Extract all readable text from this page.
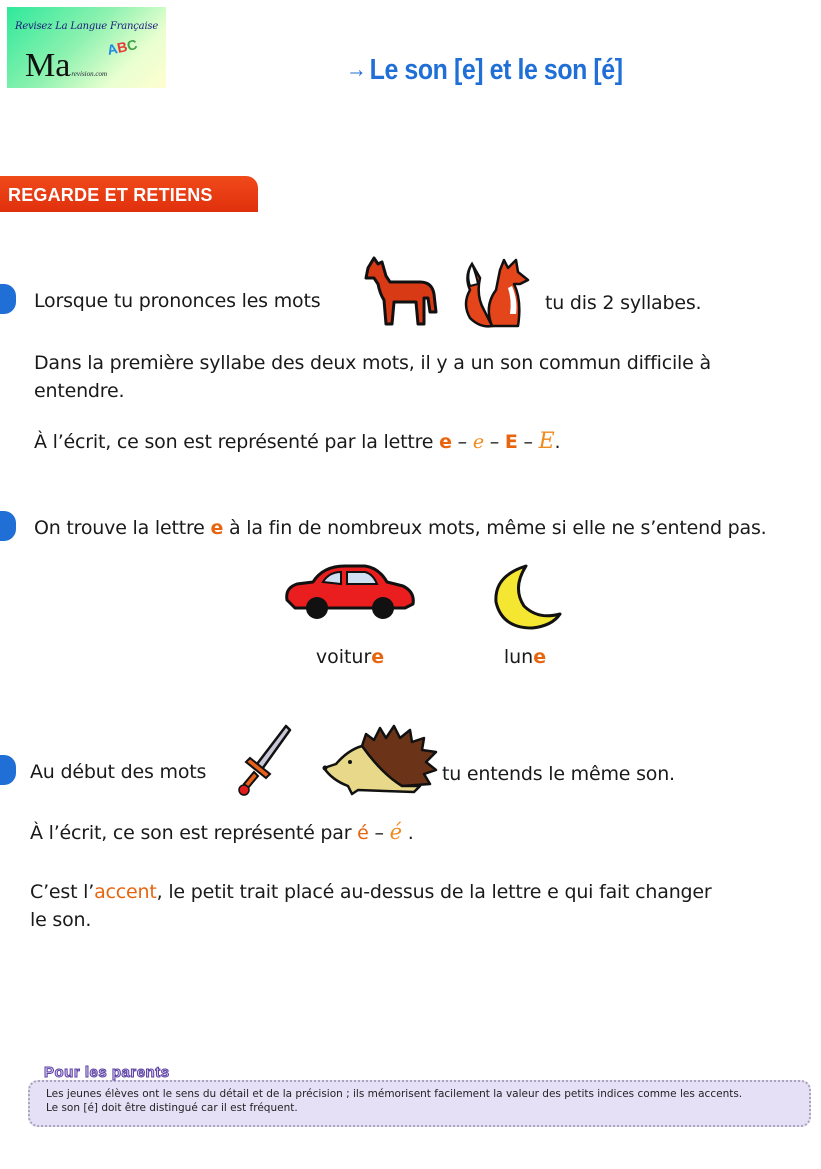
Revisez La Langue Française
ABC
Ma
-revision.com	→ Le son [e] et le son [é]
REGARDE ET RETIENS
Lorsque tu prononces les mots	tu dis 2 syllabes.
Dans la première syllabe des deux mots, il y a un son commun difficile à
entendre.
À l’écrit, ce son est représenté par la lettre e – e – E – E.
On trouve la lettre e à la fin de nombreux mots, même si elle ne s’entend pas.
voiture	lune
Au début des mots	tu entends le même son.
À l’écrit, ce son est représenté par é – é .
C’est l’accent, le petit trait placé au-dessus de la lettre e qui fait changer
le son.
Les jeunes élèves ont le sens du détail et de la précision ; ils mémorisent facilement la valeur des petits indices comme les accents.
Le son [é] doit être distingué car il est fréquent.
Pour les parents
